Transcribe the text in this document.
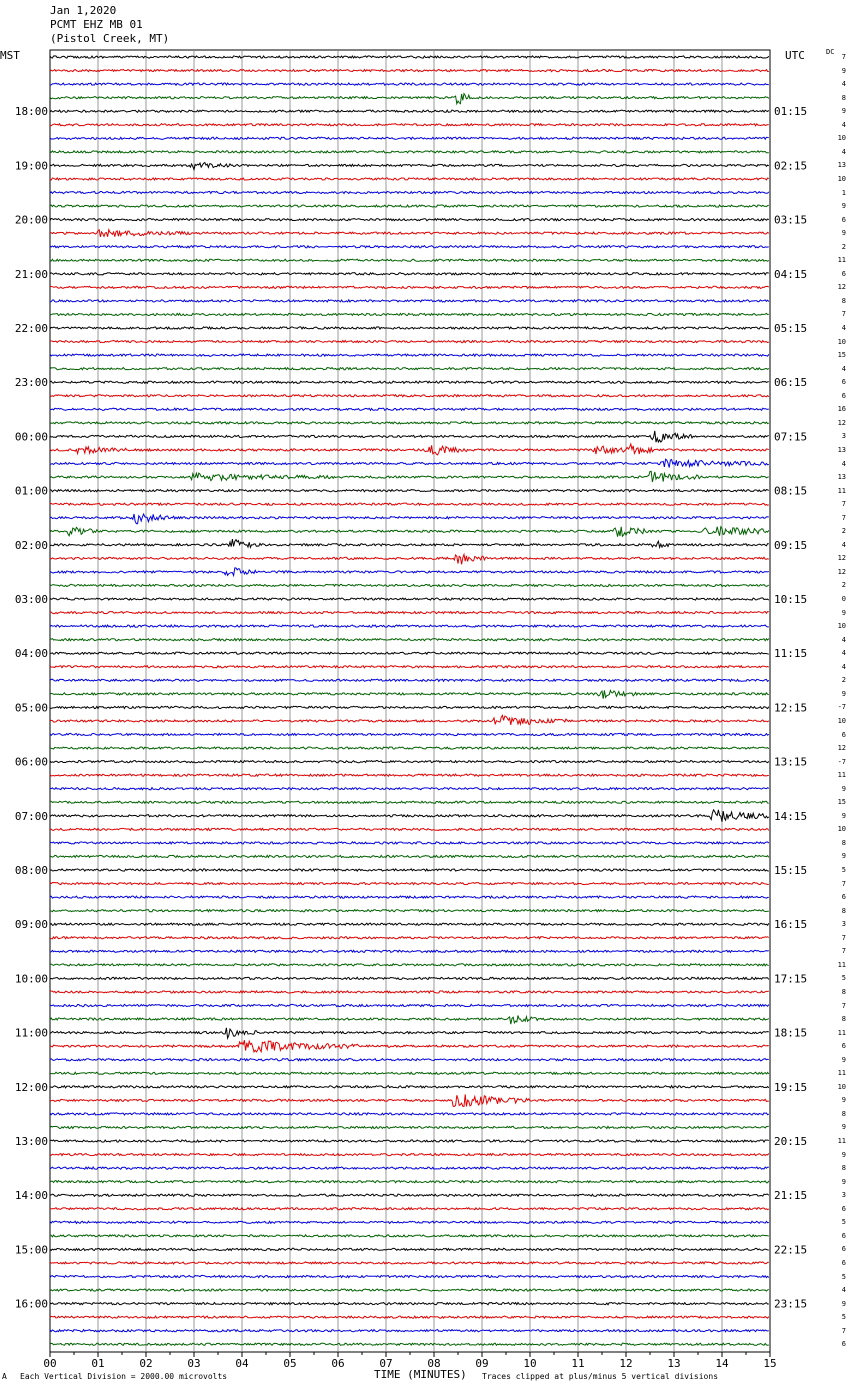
Jan 1,2020
PCMT EHZ MB 01
(Pistol Creek, MT)
MST	UTC	DC
00	01	02	03	04	05	06	07	08	09	10	11	12	13	14	15
18:00
19:00
20:00
21:00
22:00
23:00
00:00
01:00
02:00
03:00
04:00
05:00
06:00
07:00
08:00
09:00
10:00
11:00
12:00
13:00
14:00
15:00
16:00
01:15
02:15
03:15
04:15
05:15
06:15
07:15
08:15
09:15
10:15
11:15
12:15
13:15
14:15
15:15
16:15
17:15
18:15
19:15
20:15
21:15
22:15
23:15
7
9
4
8
9
4
10
4
13
10
1
9
6
9
2
11
6
12
8
7
4
10
15
4
6
6
16
12
3
13
4
13
11
7
7
2
4
12
12
2
0
9
10
4
4
4
2
9
-7
10
6
12
-7
11
9
15
9
10
8
9
5
7
6
8
3
7
7
11
5
8
7
8
11
6
9
11
10
9
8
9
11
9
8
9
3
6
5
6
6
6
5
4
9
5
7
6
A Each Vertical Division = 2000.00 microvolts	TIME (MINUTES) Traces clipped at plus/minus 5 vertical divisions
